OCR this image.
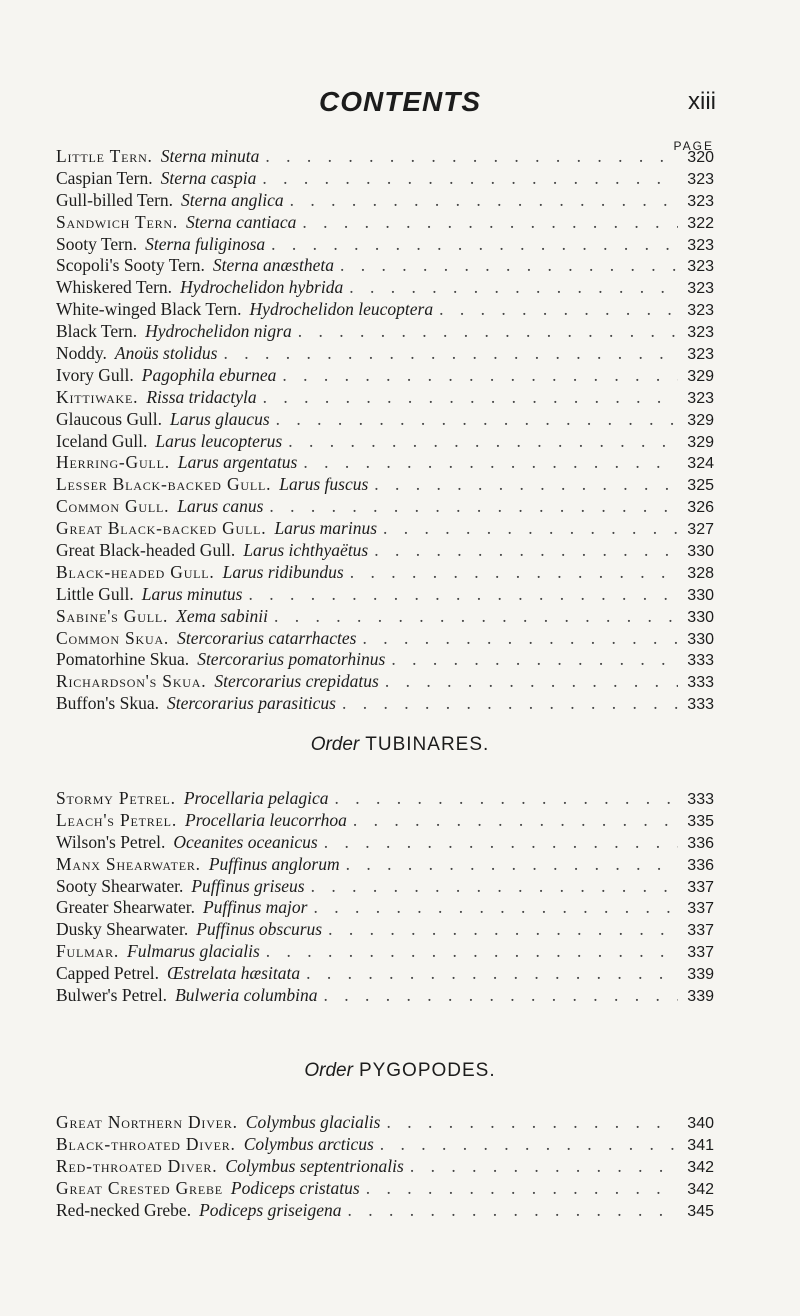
CONTENTS	xiii
PAGE
Little Tern. Sterna minuta . . .	320
Caspian Tern. Sterna caspia . . .	323
Gull-billed Tern. Sterna anglica . . .	323
Sandwich Tern. Sterna cantiaca . . .	322
Sooty Tern. Sterna fuliginosa . . .	323
Scopoli's Sooty Tern. Sterna anæstheta . . .	323
Whiskered Tern. Hydrochelidon hybrida . . .	323
White-winged Black Tern. Hydrochelidon leucoptera . . .	323
Black Tern. Hydrochelidon nigra . . .	323
Noddy. Anoüs stolidus . . .	323
Ivory Gull. Pagophila eburnea . . .	329
Kittiwake. Rissa tridactyla . . .	323
Glaucous Gull. Larus glaucus . . .	329
Iceland Gull. Larus leucopterus . . .	329
Herring-Gull. Larus argentatus . . .	324
Lesser Black-backed Gull. Larus fuscus . . .	325
Common Gull. Larus canus . . .	326
Great Black-backed Gull. Larus marinus . . .	327
Great Black-headed Gull. Larus ichthyaëtus . . .	330
Black-headed Gull. Larus ridibundus . . .	328
Little Gull. Larus minutus . . .	330
Sabine's Gull. Xema sabinii . . .	330
Common Skua. Stercorarius catarrhactes . . .	330
Pomatorhine Skua. Stercorarius pomatorhinus . . .	333
Richardson's Skua. Stercorarius crepidatus . . .	333
Buffon's Skua. Stercorarius parasiticus . . .	333
Order TUBINARES.
Stormy Petrel. Procellaria pelagica . . .	333
Leach's Petrel. Procellaria leucorrhoa . . .	335
Wilson's Petrel. Oceanites oceanicus . . .	336
Manx Shearwater. Puffinus anglorum . . .	336
Sooty Shearwater. Puffinus griseus . . .	337
Greater Shearwater. Puffinus major . . .	337
Dusky Shearwater. Puffinus obscurus . . .	337
Fulmar. Fulmarus glacialis . . .	337
Capped Petrel. Œstrelata hæsitata . . .	339
Bulwer's Petrel. Bulweria columbina . . .	339
Order PYGOPODES.
Great Northern Diver. Colymbus glacialis . . .	340
Black-throated Diver. Colymbus arcticus . . .	341
Red-throated Diver. Colymbus septentrionalis . . .	342
Great Crested Grebe Podiceps cristatus . . .	342
Red-necked Grebe. Podiceps griseigena . . .	345
